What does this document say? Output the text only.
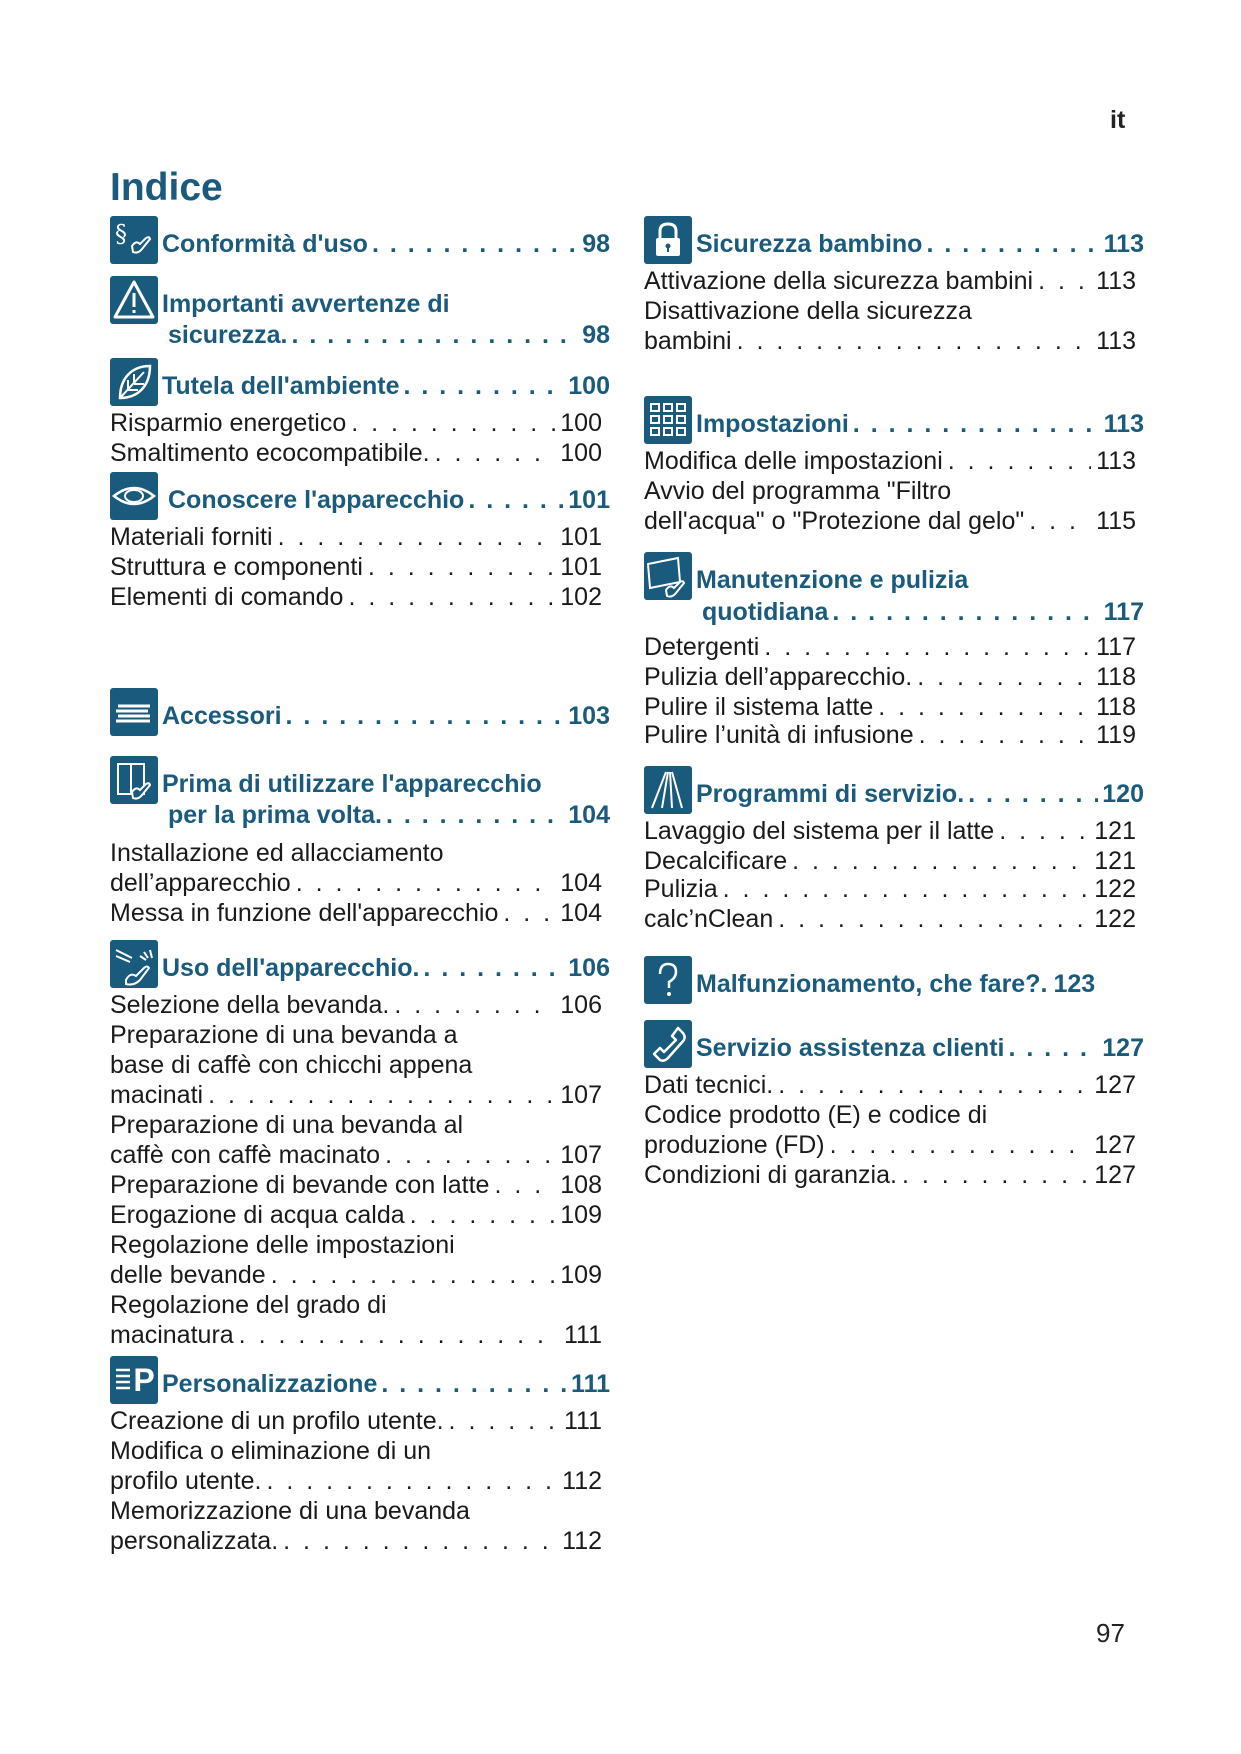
it
Indice
§ Conformità d'uso . . .	98
Importanti avvertenze di
sicurezza. . . .	98
Tutela dell'ambiente . . .	100
Risparmio energetico . . .	100
Smaltimento ecocompatibile. . . .	100
Conoscere l'apparecchio . . .	101
Materiali forniti . . .	101
Struttura e componenti . . .	101
Elementi di comando . . .	102
Accessori . . .	103
Prima di utilizzare l'apparecchio
per la prima volta. . . .	104
Installazione ed allacciamento
dell’apparecchio . . .	104
Messa in funzione dell'apparecchio . . . 104
Uso dell'apparecchio. . . .	106
Selezione della bevanda. . . .	106
Preparazione di una bevanda a
base di caffè con chicchi appena
macinati . . .	107
Preparazione di una bevanda al
caffè con caffè macinato . . .	107
Preparazione di bevande con latte . . .	108
Erogazione di acqua calda . . .	109
Regolazione delle impostazioni
delle bevande . . .	109
Regolazione del grado di
macinatura . . .	111
P Personalizzazione . . .	111
Creazione di un profilo utente. . . .	111
Modifica o eliminazione di un
profilo utente. . . .	112
Memorizzazione di una bevanda
personalizzata. . . .	112
Sicurezza bambino . . .	113
Attivazione della sicurezza bambini . . .	113
Disattivazione della sicurezza
bambini . . .	113
Impostazioni . . .	113
Modifica delle impostazioni . . .	113
Avvio del programma "Filtro
dell'acqua" o "Protezione dal gelo" . . .	115
Manutenzione e pulizia
quotidiana . . .	117
Detergenti . . .	117
Pulizia dell’apparecchio. . . .	118
Pulire il sistema latte . . .	118
Pulire l’unità di infusione . . .	119
Programmi di servizio. . . .	120
Lavaggio del sistema per il latte . . .	121
Decalcificare . . .	121
Pulizia . . .	122
calc’nClean . . .	122
Malfunzionamento, che fare?. 123
Servizio assistenza clienti . . .	127
Dati tecnici. . . .	127
Codice prodotto (E) e codice di
produzione (FD) . . .	127
Condizioni di garanzia. . . .	127
97
